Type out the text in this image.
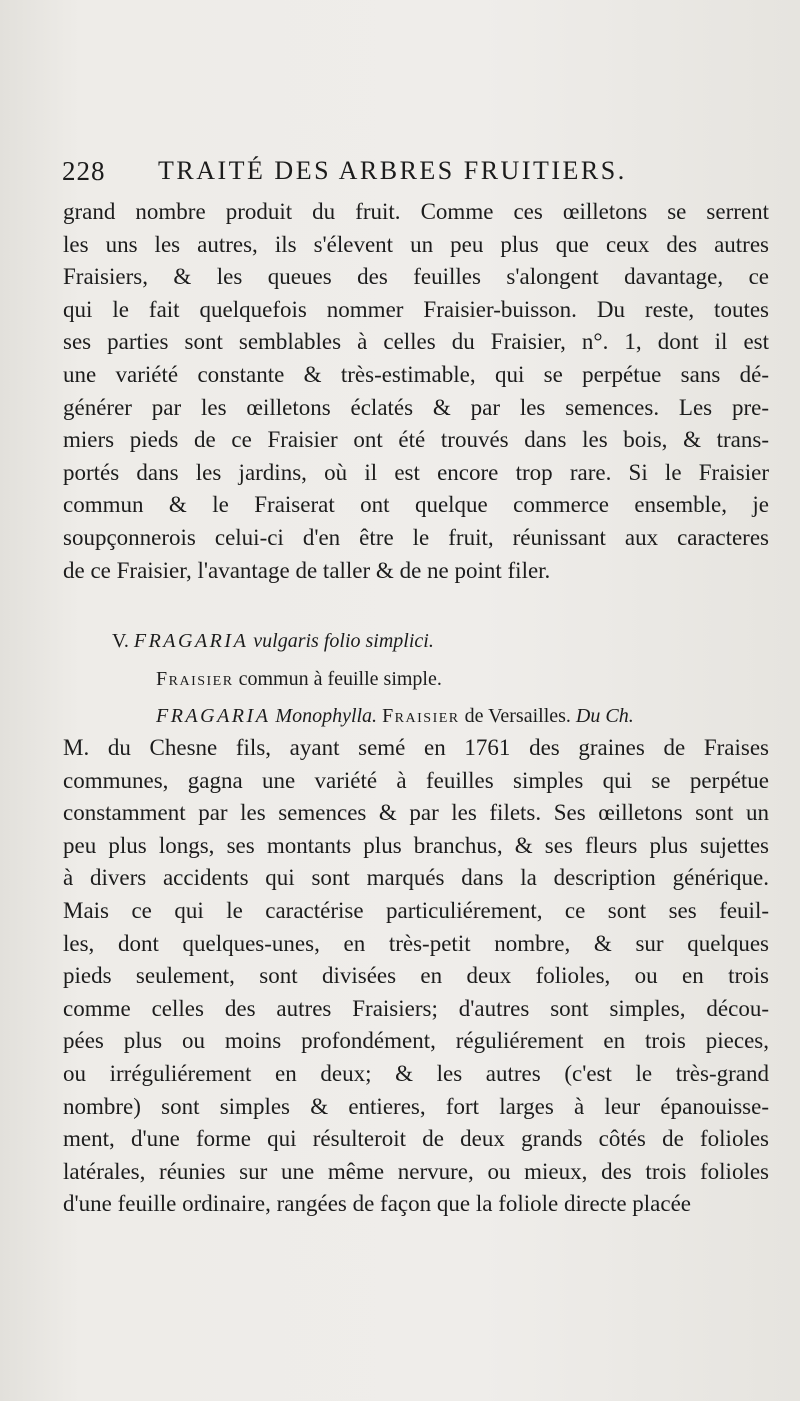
228 TRAITÉ DES ARBRES FRUITIERS.
grand nombre produit du fruit. Comme ces œilletons se serrent
les uns les autres, ils s'élevent un peu plus que ceux des autres
Fraisiers, & les queues des feuilles s'alongent davantage, ce
qui le fait quelquefois nommer Fraisier-buisson. Du reste, toutes
ses parties sont semblables à celles du Fraisier, n°. 1, dont il est
une variété constante & très-estimable, qui se perpétue sans dé-
générer par les œilletons éclatés & par les semences. Les pre-
miers pieds de ce Fraisier ont été trouvés dans les bois, & trans-
portés dans les jardins, où il est encore trop rare. Si le Fraisier
commun & le Fraiserat ont quelque commerce ensemble, je
soupçonnerois celui-ci d'en être le fruit, réunissant aux caracteres
de ce Fraisier, l'avantage de taller & de ne point filer.
V. FRAGARIA vulgaris folio simplici.
Fraisier commun à feuille simple.
FRAGARIA Monophylla. Fraisier de Versailles. Du Ch.
M. du Chesne fils, ayant semé en 1761 des graines de Fraises
communes, gagna une variété à feuilles simples qui se perpétue
constamment par les semences & par les filets. Ses œilletons sont un
peu plus longs, ses montants plus branchus, & ses fleurs plus sujettes
à divers accidents qui sont marqués dans la description générique.
Mais ce qui le caractérise particuliérement, ce sont ses feuil-
les, dont quelques-unes, en très-petit nombre, & sur quelques
pieds seulement, sont divisées en deux folioles, ou en trois
comme celles des autres Fraisiers; d'autres sont simples, décou-
pées plus ou moins profondément, réguliérement en trois pieces,
ou irréguliérement en deux; & les autres (c'est le très-grand
nombre) sont simples & entieres, fort larges à leur épanouisse-
ment, d'une forme qui résulteroit de deux grands côtés de folioles
latérales, réunies sur une même nervure, ou mieux, des trois folioles
d'une feuille ordinaire, rangées de façon que la foliole directe placée
